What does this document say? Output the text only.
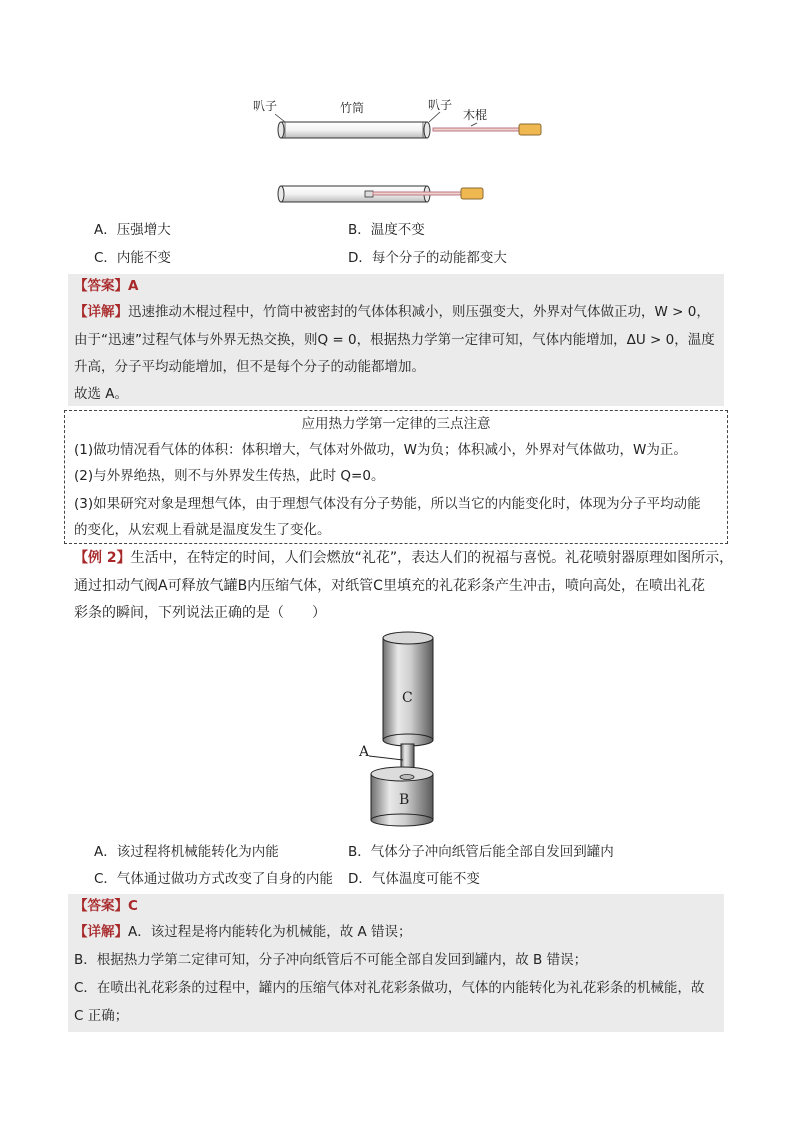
叭子	竹筒	叭子
木棍
A．压强增大	B．温度不变
C．内能不变	D．每个分子的动能都变大
【答案】A
【详解】迅速推动木棍过程中，竹筒中被密封的气体体积减小，则压强变大，外界对气体做正功，W > 0，
由于“迅速”过程气体与外界无热交换，则Q = 0，根据热力学第一定律可知，气体内能增加，ΔU > 0，温度
升高，分子平均动能增加，但不是每个分子的动能都增加。
故选 A。
应用热力学第一定律的三点注意
(1)做功情况看气体的体积：体积增大，气体对外做功，W为负；体积减小，外界对气体做功，W为正。
(2)与外界绝热，则不与外界发生传热，此时 Q=0。
(3)如果研究对象是理想气体，由于理想气体没有分子势能，所以当它的内能变化时，体现为分子平均动能
的变化，从宏观上看就是温度发生了变化。
【例 2】生活中，在特定的时间，人们会燃放“礼花”，表达人们的祝福与喜悦。礼花喷射器原理如图所示，
通过扣动气阀A可释放气罐B内压缩气体，对纸管C里填充的礼花彩条产生冲击，喷向高处，在喷出礼花
彩条的瞬间，下列说法正确的是（　　）
C
A
B
A．该过程将机械能转化为内能	B．气体分子冲向纸管后能全部自发回到罐内
C．气体通过做功方式改变了自身的内能 D．气体温度可能不变
【答案】C
【详解】A．该过程是将内能转化为机械能，故 A 错误；
B．根据热力学第二定律可知，分子冲向纸管后不可能全部自发回到罐内，故 B 错误；
C．在喷出礼花彩条的过程中，罐内的压缩气体对礼花彩条做功，气体的内能转化为礼花彩条的机械能，故
C 正确；
